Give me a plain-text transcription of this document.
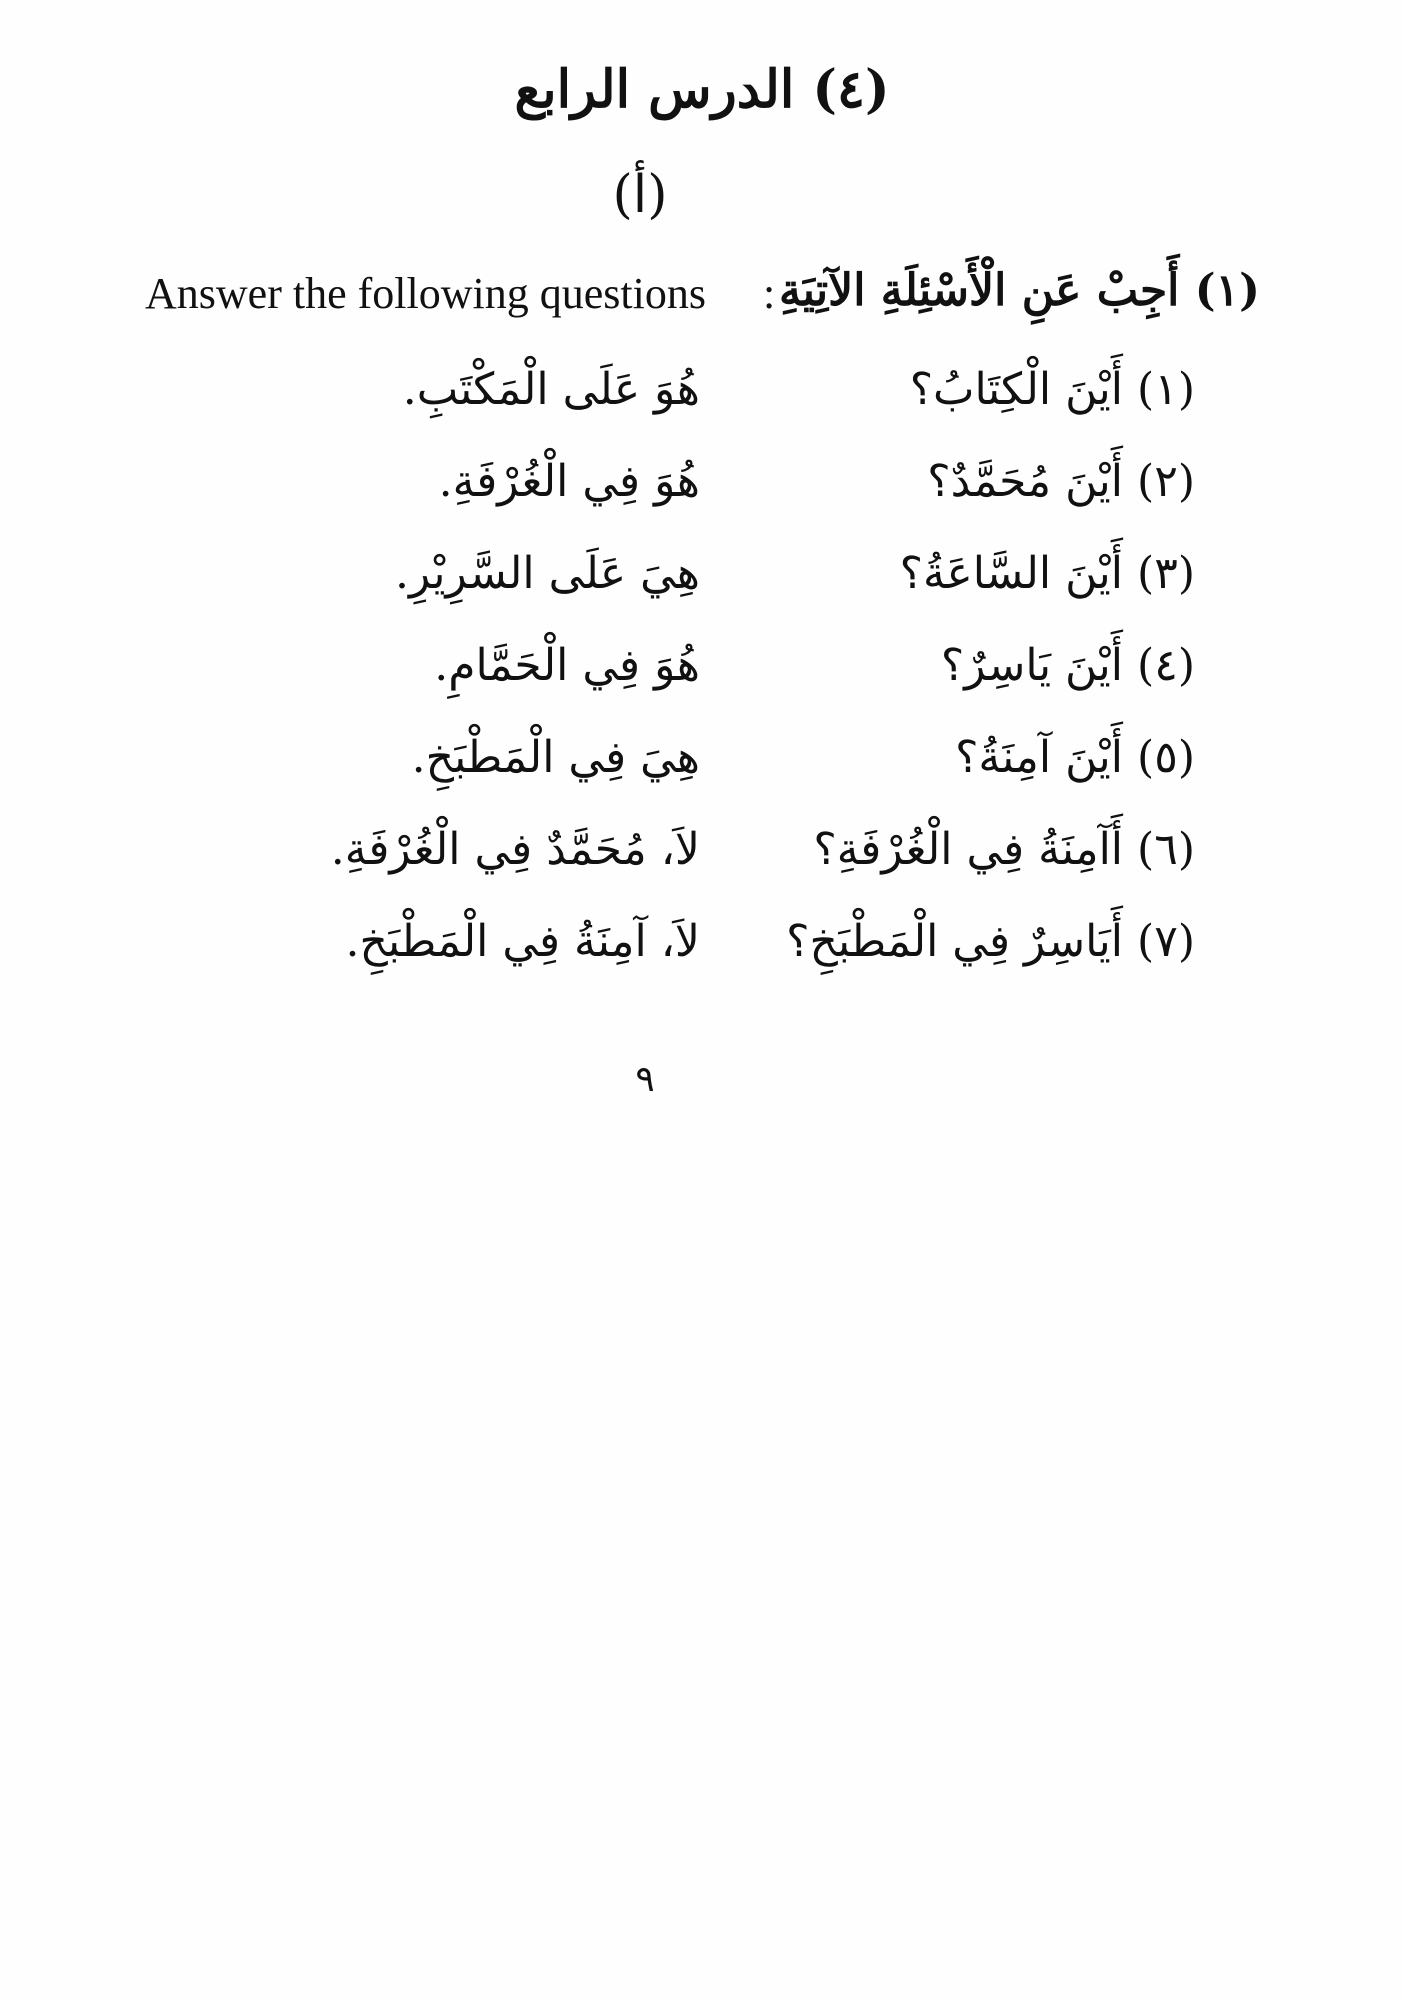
(٤) الدرس الرابع
(أ)
Answer the following questions : (١) أَجِبْ عَنِ الْأَسْئِلَةِ الآتِيَةِ
(١) أَيْنَ الْكِتَابُ؟
هُوَ عَلَى الْمَكْتَبِ.
(٢) أَيْنَ مُحَمَّدٌ؟
هُوَ فِي الْغُرْفَةِ.
(٣) أَيْنَ السَّاعَةُ؟
هِيَ عَلَى السَّرِيْرِ.
(٤) أَيْنَ يَاسِرٌ؟
هُوَ فِي الْحَمَّامِ.
(٥) أَيْنَ آمِنَةُ؟
هِيَ فِي الْمَطْبَخِ.
(٦) أَآمِنَةُ فِي الْغُرْفَةِ؟
لاَ، مُحَمَّدٌ فِي الْغُرْفَةِ.
(٧) أَيَاسِرٌ فِي الْمَطْبَخِ؟
لاَ، آمِنَةُ فِي الْمَطْبَخِ.
٩
